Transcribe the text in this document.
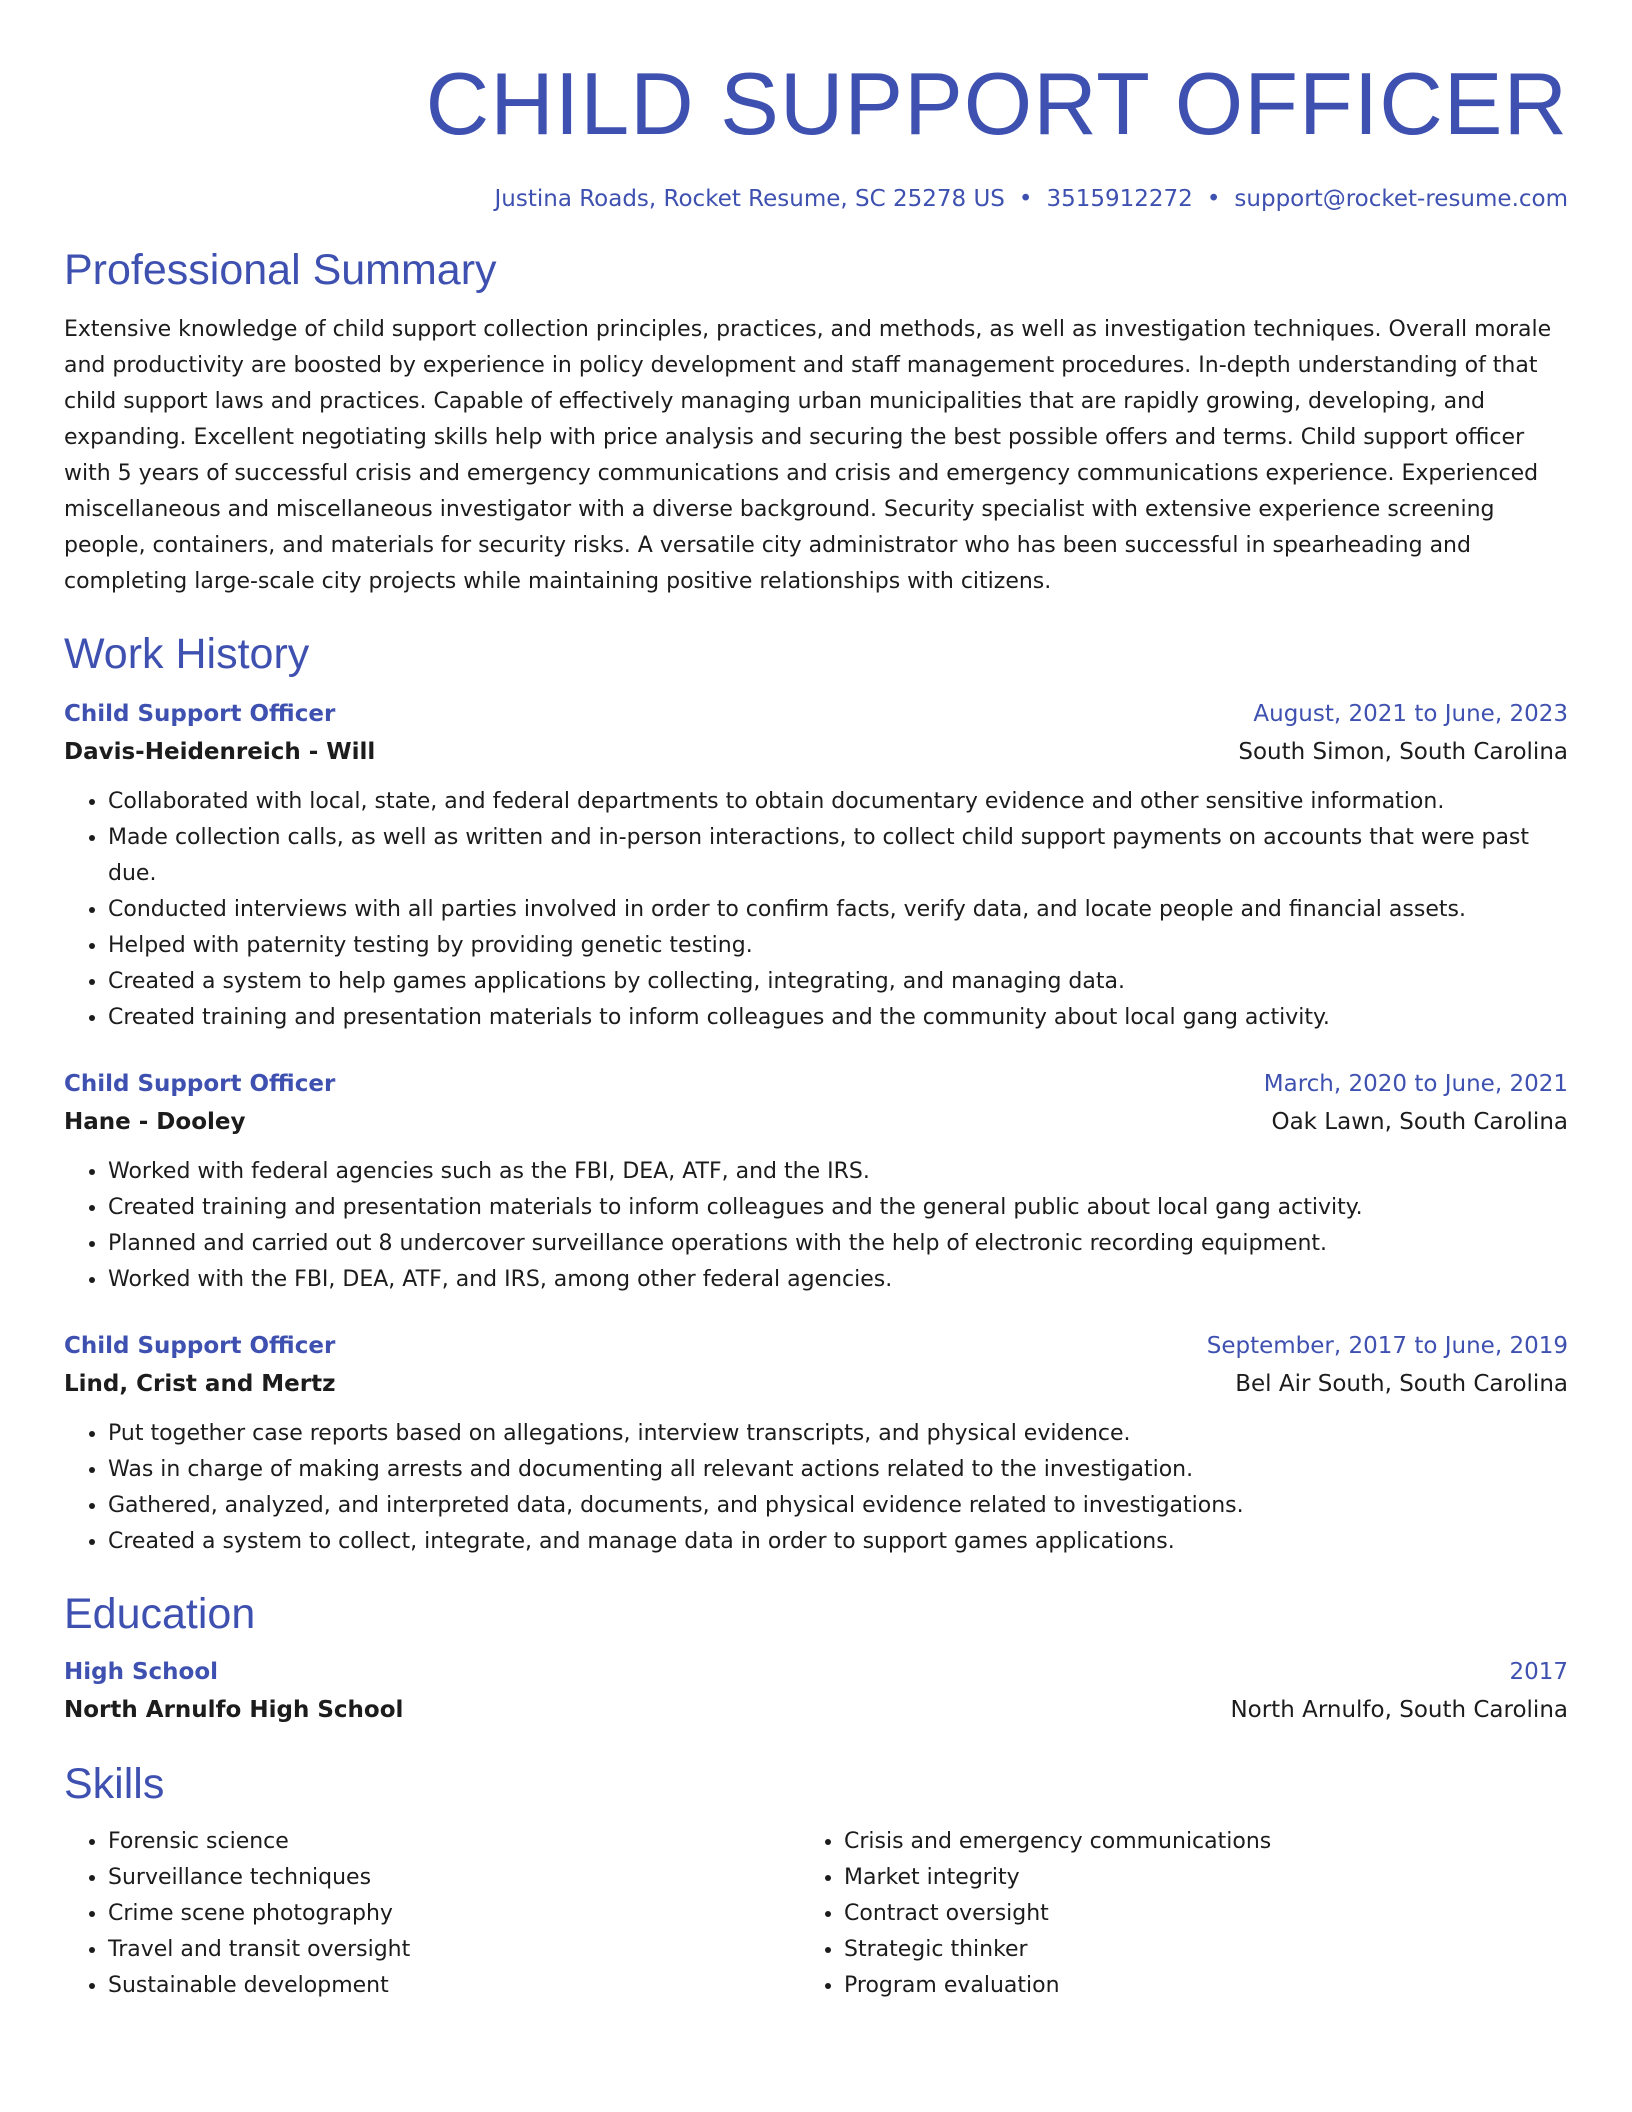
CHILD SUPPORT OFFICER
Justina Roads, Rocket Resume, SC 25278 US • 3515912272 • support@rocket-resume.com
Professional Summary
Extensive knowledge of child support collection principles, practices, and methods, as well as investigation techniques. Overall morale and productivity are boosted by experience in policy development and staff management procedures. In-depth understanding of that child support laws and practices. Capable of effectively managing urban municipalities that are rapidly growing, developing, and expanding. Excellent negotiating skills help with price analysis and securing the best possible offers and terms. Child support officer with 5 years of successful crisis and emergency communications and crisis and emergency communications experience. Experienced miscellaneous and miscellaneous investigator with a diverse background. Security specialist with extensive experience screening people, containers, and materials for security risks. A versatile city administrator who has been successful in spearheading and completing large-scale city projects while maintaining positive relationships with citizens.
Work History
Child Support Officer	August, 2021 to June, 2023
Davis-Heidenreich - Will	South Simon, South Carolina
• Collaborated with local, state, and federal departments to obtain documentary evidence and other sensitive information.
• Made collection calls, as well as written and in-person interactions, to collect child support payments on accounts that were past due.
• Conducted interviews with all parties involved in order to confirm facts, verify data, and locate people and financial assets.
• Helped with paternity testing by providing genetic testing.
• Created a system to help games applications by collecting, integrating, and managing data.
• Created training and presentation materials to inform colleagues and the community about local gang activity.
Child Support Officer	March, 2020 to June, 2021
Hane - Dooley	Oak Lawn, South Carolina
• Worked with federal agencies such as the FBI, DEA, ATF, and the IRS.
• Created training and presentation materials to inform colleagues and the general public about local gang activity.
• Planned and carried out 8 undercover surveillance operations with the help of electronic recording equipment.
• Worked with the FBI, DEA, ATF, and IRS, among other federal agencies.
Child Support Officer	September, 2017 to June, 2019
Lind, Crist and Mertz	Bel Air South, South Carolina
• Put together case reports based on allegations, interview transcripts, and physical evidence.
• Was in charge of making arrests and documenting all relevant actions related to the investigation.
• Gathered, analyzed, and interpreted data, documents, and physical evidence related to investigations.
• Created a system to collect, integrate, and manage data in order to support games applications.
Education
High School	2017
North Arnulfo High School	North Arnulfo, South Carolina
Skills
• Forensic science
• Surveillance techniques
• Crime scene photography
• Travel and transit oversight
• Sustainable development
• Crisis and emergency communications
• Market integrity
• Contract oversight
• Strategic thinker
• Program evaluation
